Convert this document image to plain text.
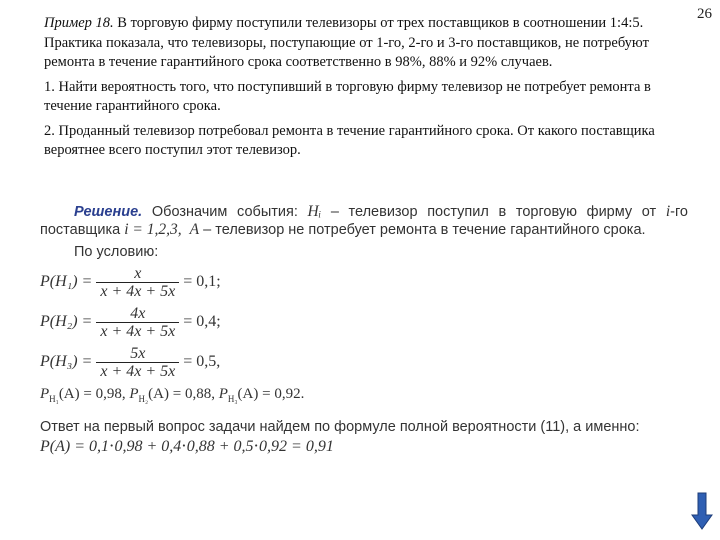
26

Пример 18. В торговую фирму поступили телевизоры от трех поставщиков в соотношении 1:4:5. Практика показала, что телевизоры, поступающие от 1-го, 2-го и 3-го поставщиков, не потребуют ремонта в течение гарантийного срока соответственно в 98%, 88% и 92% случаев.

1. Найти вероятность того, что поступивший в торговую фирму телевизор не потребует ремонта в течение гарантийного срока.

2. Проданный телевизор потребовал ремонта в течение гарантийного срока. От какого поставщика вероятнее всего поступил этот телевизор.

Решение. Обозначим события: Hᵢ – телевизор поступил в торговую фирму от i-го поставщика i = 1,2,3, A – телевизор не потребует ремонта в течение гарантийного срока.
По условию:
$P(H_1) = \frac{x}{x + 4x + 5x} = 0,1$;
$P(H_2) = \frac{4x}{x + 4x + 5x} = 0,4$;
$P(H_3) = \frac{5x}{x + 4x + 5x} = 0,5$,
$P_{H_1}(A) = 0,98$, $P_{H_2}(A) = 0,88$, $P_{H_3}(A) = 0,92$.
Ответ на первый вопрос задачи найдем по формуле полной вероятности (11), а именно:
P(A) = 0,1⋅0,98 + 0,4⋅0,88 + 0,5⋅0,92 = 0,91
